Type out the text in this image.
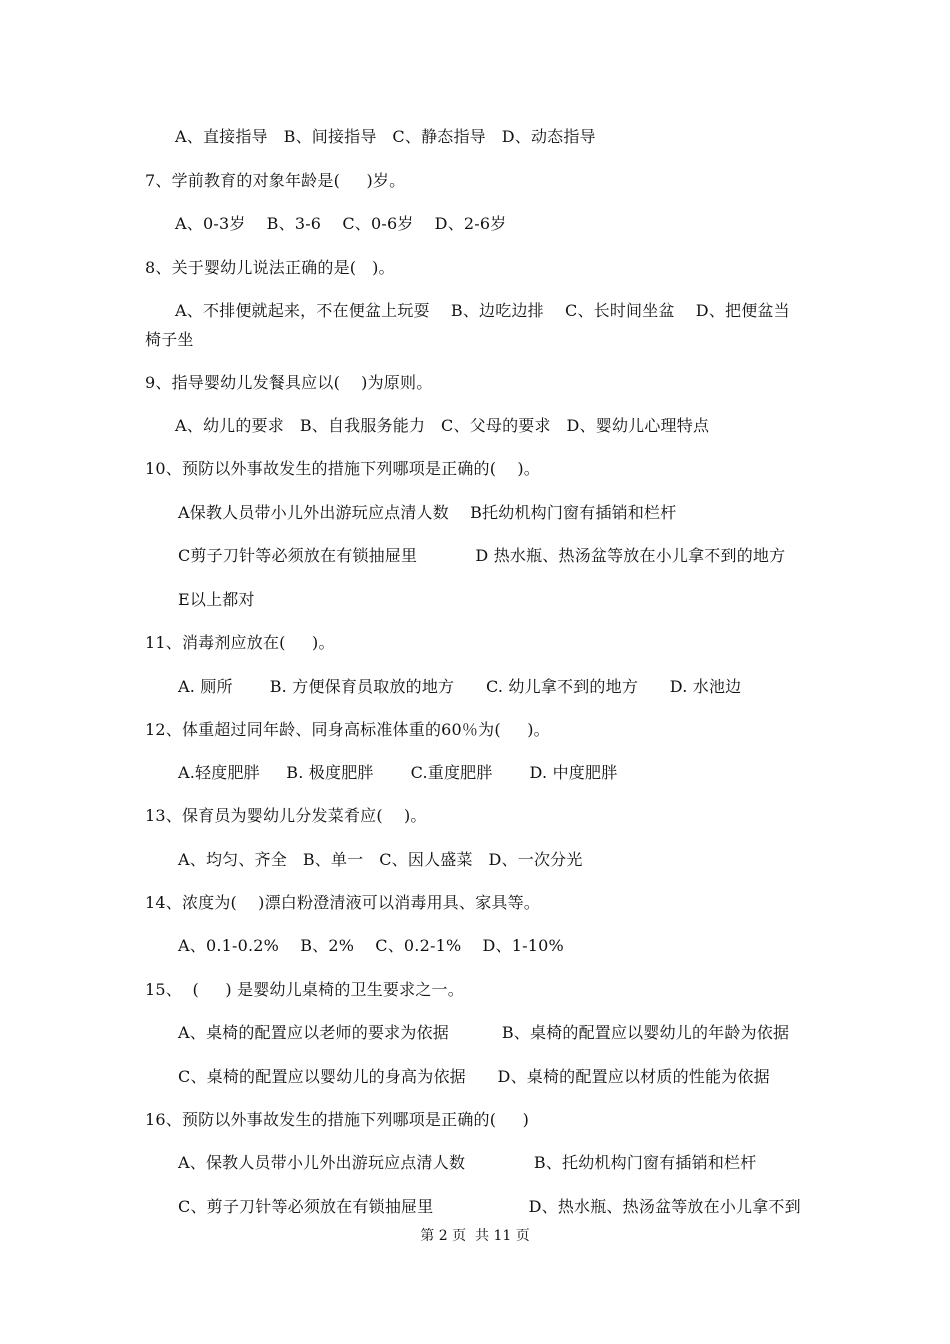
A、直接指导   B、间接指导   C、静态指导   D、动态指导
7、学前教育的对象年龄是(     )岁。
A、0-3岁    B、3-6    C、0-6岁    D、2-6岁
8、关于婴幼儿说法正确的是(   )。
A、不排便就起来，不在便盆上玩耍    B、边吃边排    C、长时间坐盆    D、把便盆当
椅子坐
9、指导婴幼儿发餐具应以(    )为原则。
A、幼儿的要求   B、自我服务能力   C、父母的要求   D、婴幼儿心理特点
10、预防以外事故发生的措施下列哪项是正确的(    )。
A保教人员带小儿外出游玩应点清人数    B托幼机构门窗有插销和栏杆
C剪子刀针等必须放在有锁抽屉里           D 热水瓶、热汤盆等放在小儿拿不到的地方
E以上都对
11、消毒剂应放在(     )。
A. 厕所       B. 方便保育员取放的地方      C. 幼儿拿不到的地方      D. 水池边
12、体重超过同年龄、同身高标准体重的60％为(     )。
A.轻度肥胖     B. 极度肥胖       C.重度肥胖       D. 中度肥胖
13、保育员为婴幼儿分发菜肴应(    )。
A、均匀、齐全   B、单一   C、因人盛菜   D、一次分光
14、浓度为(    )漂白粉澄清液可以消毒用具、家具等。
A、0.1-0.2%    B、2%    C、0.2-1%    D、1-10%
15、  (     ) 是婴幼儿桌椅的卫生要求之一。
A、桌椅的配置应以老师的要求为依据          B、桌椅的配置应以婴幼儿的年龄为依据
C、桌椅的配置应以婴幼儿的身高为依据      D、桌椅的配置应以材质的性能为依据
16、预防以外事故发生的措施下列哪项是正确的(     )
A、保教人员带小儿外出游玩应点清人数             B、托幼机构门窗有插销和栏杆
C、剪子刀针等必须放在有锁抽屉里                  D、热水瓶、热汤盆等放在小儿拿不到
第 2 页  共 11 页
